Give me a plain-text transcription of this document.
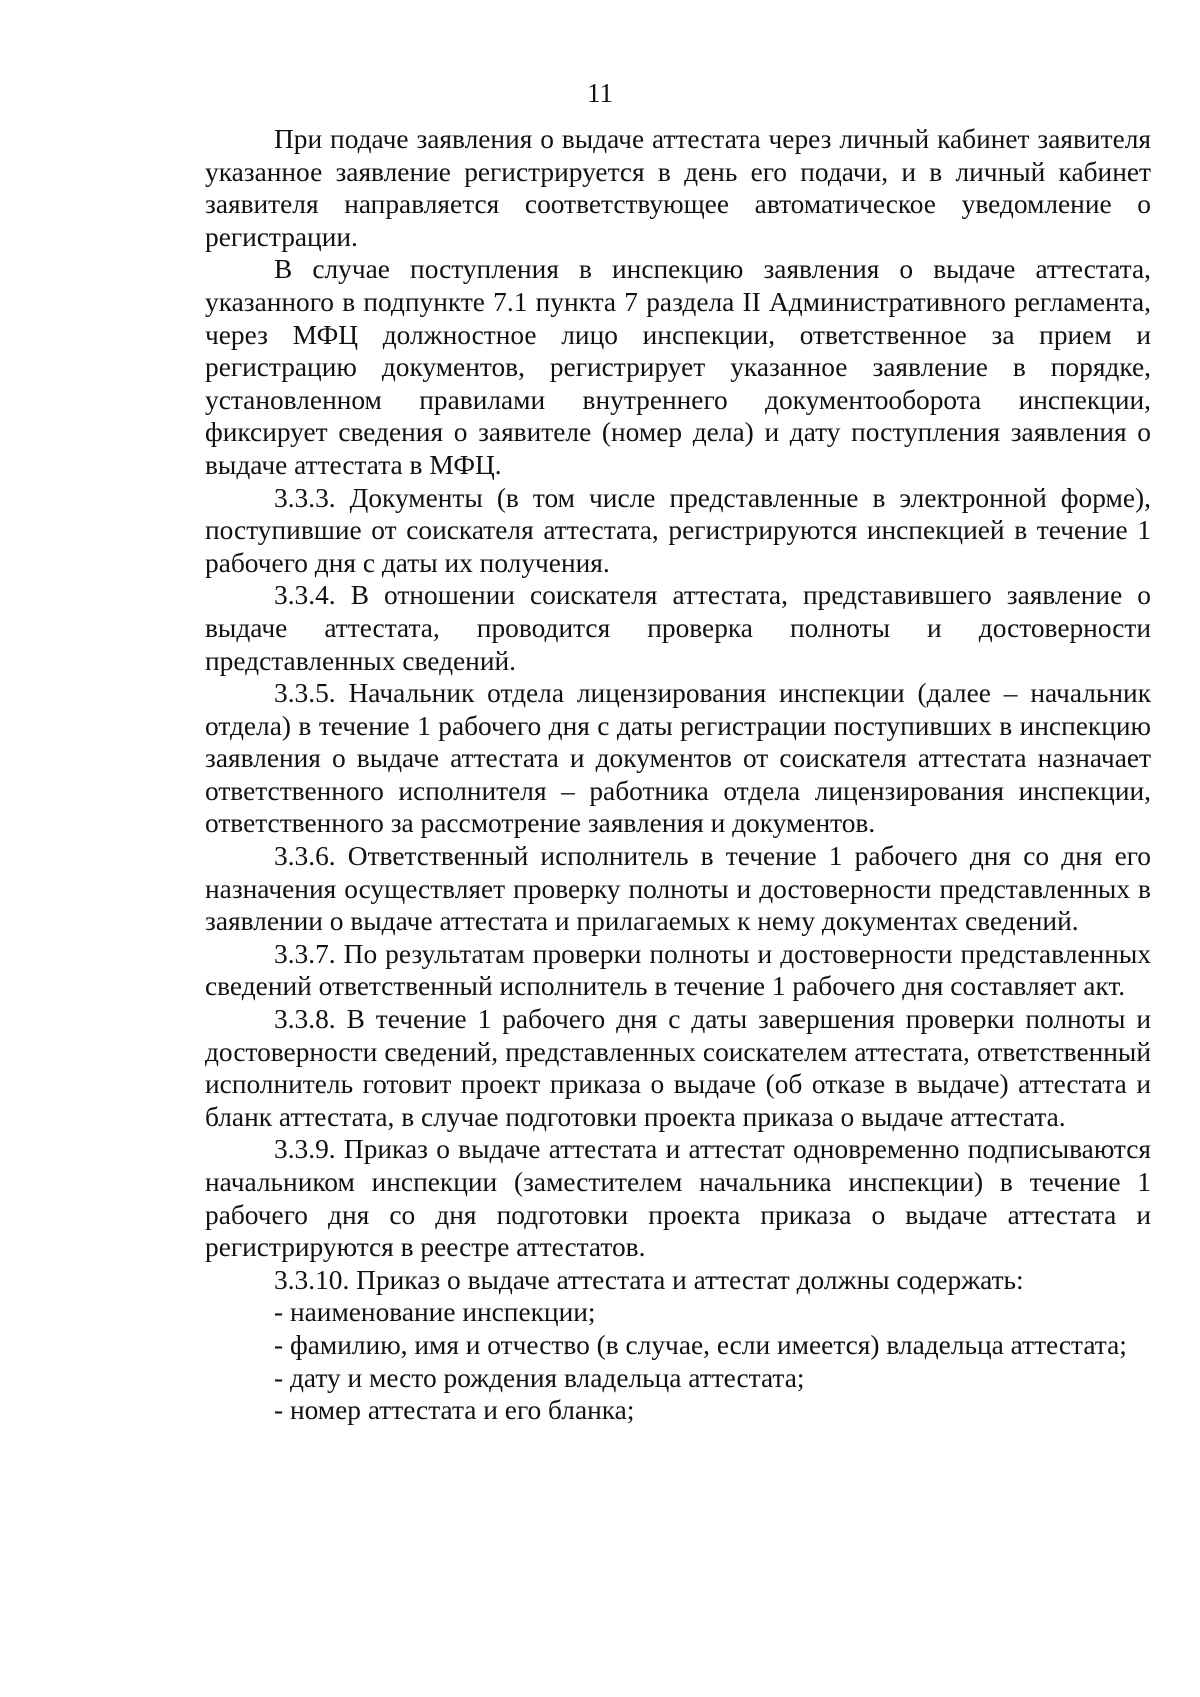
11

При подаче заявления о выдаче аттестата через личный кабинет заявителя указанное заявление регистрируется в день его подачи, и в личный кабинет заявителя направляется соответствующее автоматическое уведомление о регистрации.

В случае поступления в инспекцию заявления о выдаче аттестата, указанного в подпункте 7.1 пункта 7 раздела II Административного регламента, через МФЦ должностное лицо инспекции, ответственное за прием и регистрацию документов, регистрирует указанное заявление в порядке, установленном правилами внутреннего документооборота инспекции, фиксирует сведения о заявителе (номер дела) и дату поступления заявления о выдаче аттестата в МФЦ.

3.3.3. Документы (в том числе представленные в электронной форме), поступившие от соискателя аттестата, регистрируются инспекцией в течение 1 рабочего дня с даты их получения.

3.3.4. В отношении соискателя аттестата, представившего заявление о выдаче аттестата, проводится проверка полноты и достоверности представленных сведений.

3.3.5. Начальник отдела лицензирования инспекции (далее – начальник отдела) в течение 1 рабочего дня с даты регистрации поступивших в инспекцию заявления о выдаче аттестата и документов от соискателя аттестата назначает ответственного исполнителя – работника отдела лицензирования инспекции, ответственного за рассмотрение заявления и документов.

3.3.6. Ответственный исполнитель в течение 1 рабочего дня со дня его назначения осуществляет проверку полноты и достоверности представленных в заявлении о выдаче аттестата и прилагаемых к нему документах сведений.

3.3.7. По результатам проверки полноты и достоверности представленных сведений ответственный исполнитель в течение 1 рабочего дня составляет акт.

3.3.8. В течение 1 рабочего дня с даты завершения проверки полноты и достоверности сведений, представленных соискателем аттестата, ответственный исполнитель готовит проект приказа о выдаче (об отказе в выдаче) аттестата и бланк аттестата, в случае подготовки проекта приказа о выдаче аттестата.

3.3.9. Приказ о выдаче аттестата и аттестат одновременно подписываются начальником инспекции (заместителем начальника инспекции) в течение 1 рабочего дня со дня подготовки проекта приказа о выдаче аттестата и регистрируются в реестре аттестатов.

3.3.10. Приказ о выдаче аттестата и аттестат должны содержать:

- наименование инспекции;

- фамилию, имя и отчество (в случае, если имеется) владельца аттестата;

- дату и место рождения владельца аттестата;

- номер аттестата и его бланка;
